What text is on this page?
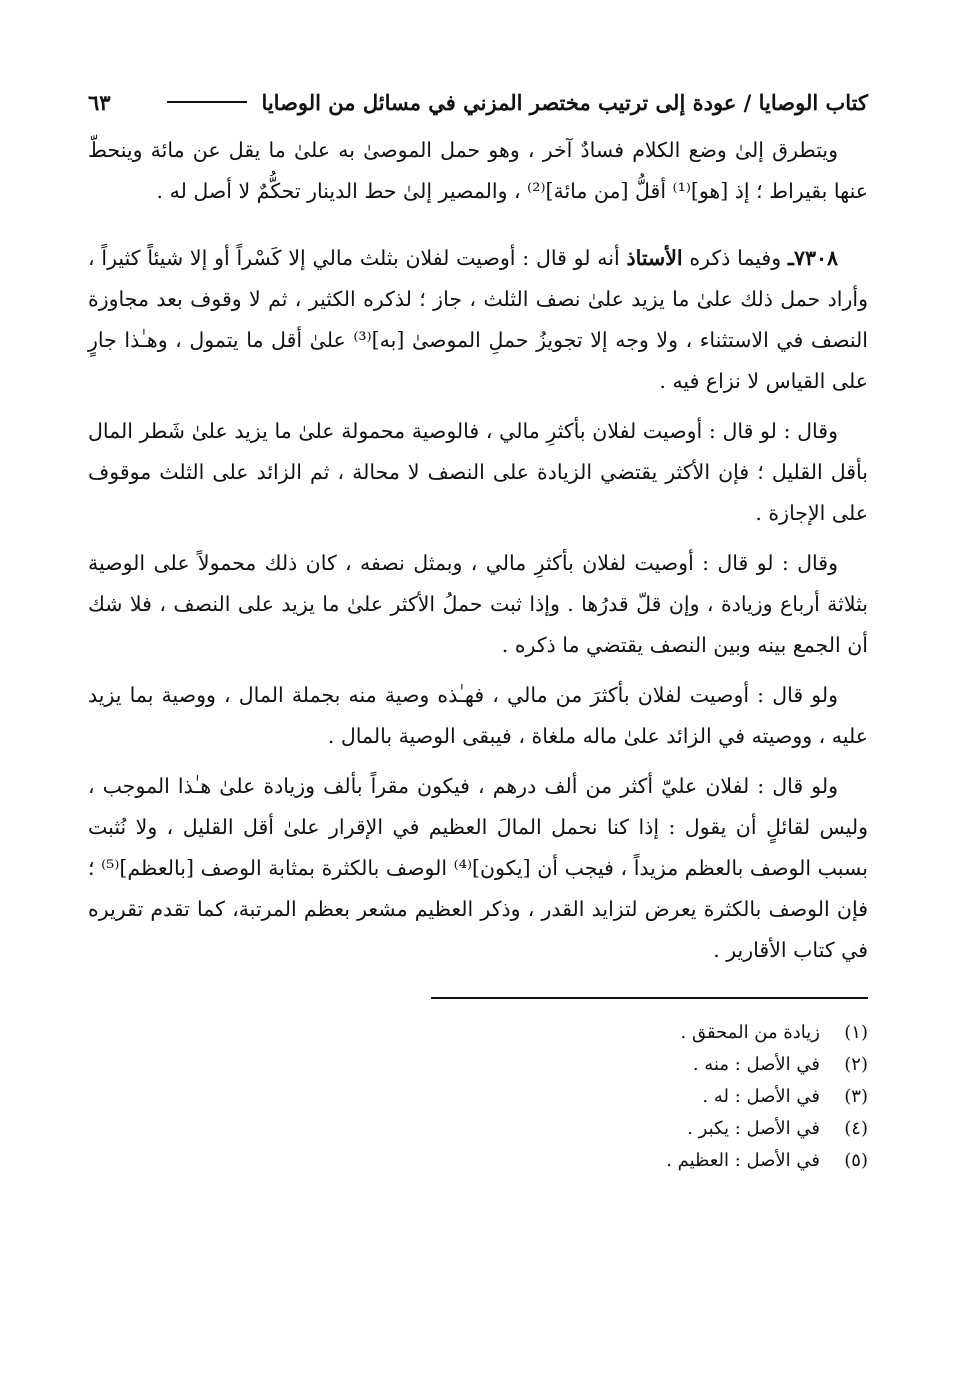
كتاب الوصايا / عودة إلى ترتيب مختصر المزني في مسائل من الوصايا
٦٣

ويتطرق إلىٰ وضع الكلام فسادٌ آخر ، وهو حمل الموصىٰ به علىٰ ما يقل عن مائة وينحطّ عنها بقيراط ؛ إذ [هو]⁽¹⁾ أقلُّ [من مائة]⁽²⁾ ، والمصير إلىٰ حط الدينار تحكُّمٌ لا أصل له .

٧٣٠٨ـ وفيما ذكره الأستاذ أنه لو قال : أوصيت لفلان بثلث مالي إلا كَسْراً أو إلا شيئاً كثيراً ، وأراد حمل ذلك علىٰ ما يزيد علىٰ نصف الثلث ، جاز ؛ لذكره الكثير ، ثم لا وقوف بعد مجاوزة النصف في الاستثناء ، ولا وجه إلا تجويزُ حملِ الموصىٰ [به]⁽³⁾ علىٰ أقل ما يتمول ، وهـٰذا جارٍ على القياس لا نزاع فيه .

وقال : لو قال : أوصيت لفلان بأكثرِ مالي ، فالوصية محمولة علىٰ ما يزيد علىٰ شَطر المال بأقل القليل ؛ فإن الأكثر يقتضي الزيادة على النصف لا محالة ، ثم الزائد على الثلث موقوف على الإجازة .

وقال : لو قال : أوصيت لفلان بأكثرِ مالي ، وبمثل نصفه ، كان ذلك محمولاً على الوصية بثلاثة أرباع وزيادة ، وإن قلّ قدرُها . وإذا ثبت حملُ الأكثر علىٰ ما يزيد على النصف ، فلا شك أن الجمع بينه وبين النصف يقتضي ما ذكره .

ولو قال : أوصيت لفلان بأكثرَ من مالي ، فهـٰذه وصية منه بجملة المال ، ووصية بما يزيد عليه ، ووصيته في الزائد علىٰ ماله ملغاة ، فيبقى الوصية بالمال .

ولو قال : لفلان عليّ أكثر من ألف درهم ، فيكون مقراً بألف وزيادة علىٰ هـٰذا الموجب ، وليس لقائلٍ أن يقول : إذا كنا نحمل المالَ العظيم في الإقرار علىٰ أقل القليل ، ولا نُثبت بسبب الوصف بالعظم مزيداً ، فيجب أن [يكون]⁽⁴⁾ الوصف بالكثرة بمثابة الوصف [بالعظم]⁽⁵⁾ ؛ فإن الوصف بالكثرة يعرض لتزايد القدر ، وذكر العظيم مشعر بعظم المرتبة، كما تقدم تقريره في كتاب الأقارير .

(١)
زيادة من المحقق .
(٢)
في الأصل : منه .
(٣)
في الأصل : له .
(٤)
في الأصل : يكبر .
(٥)
في الأصل : العظيم .
